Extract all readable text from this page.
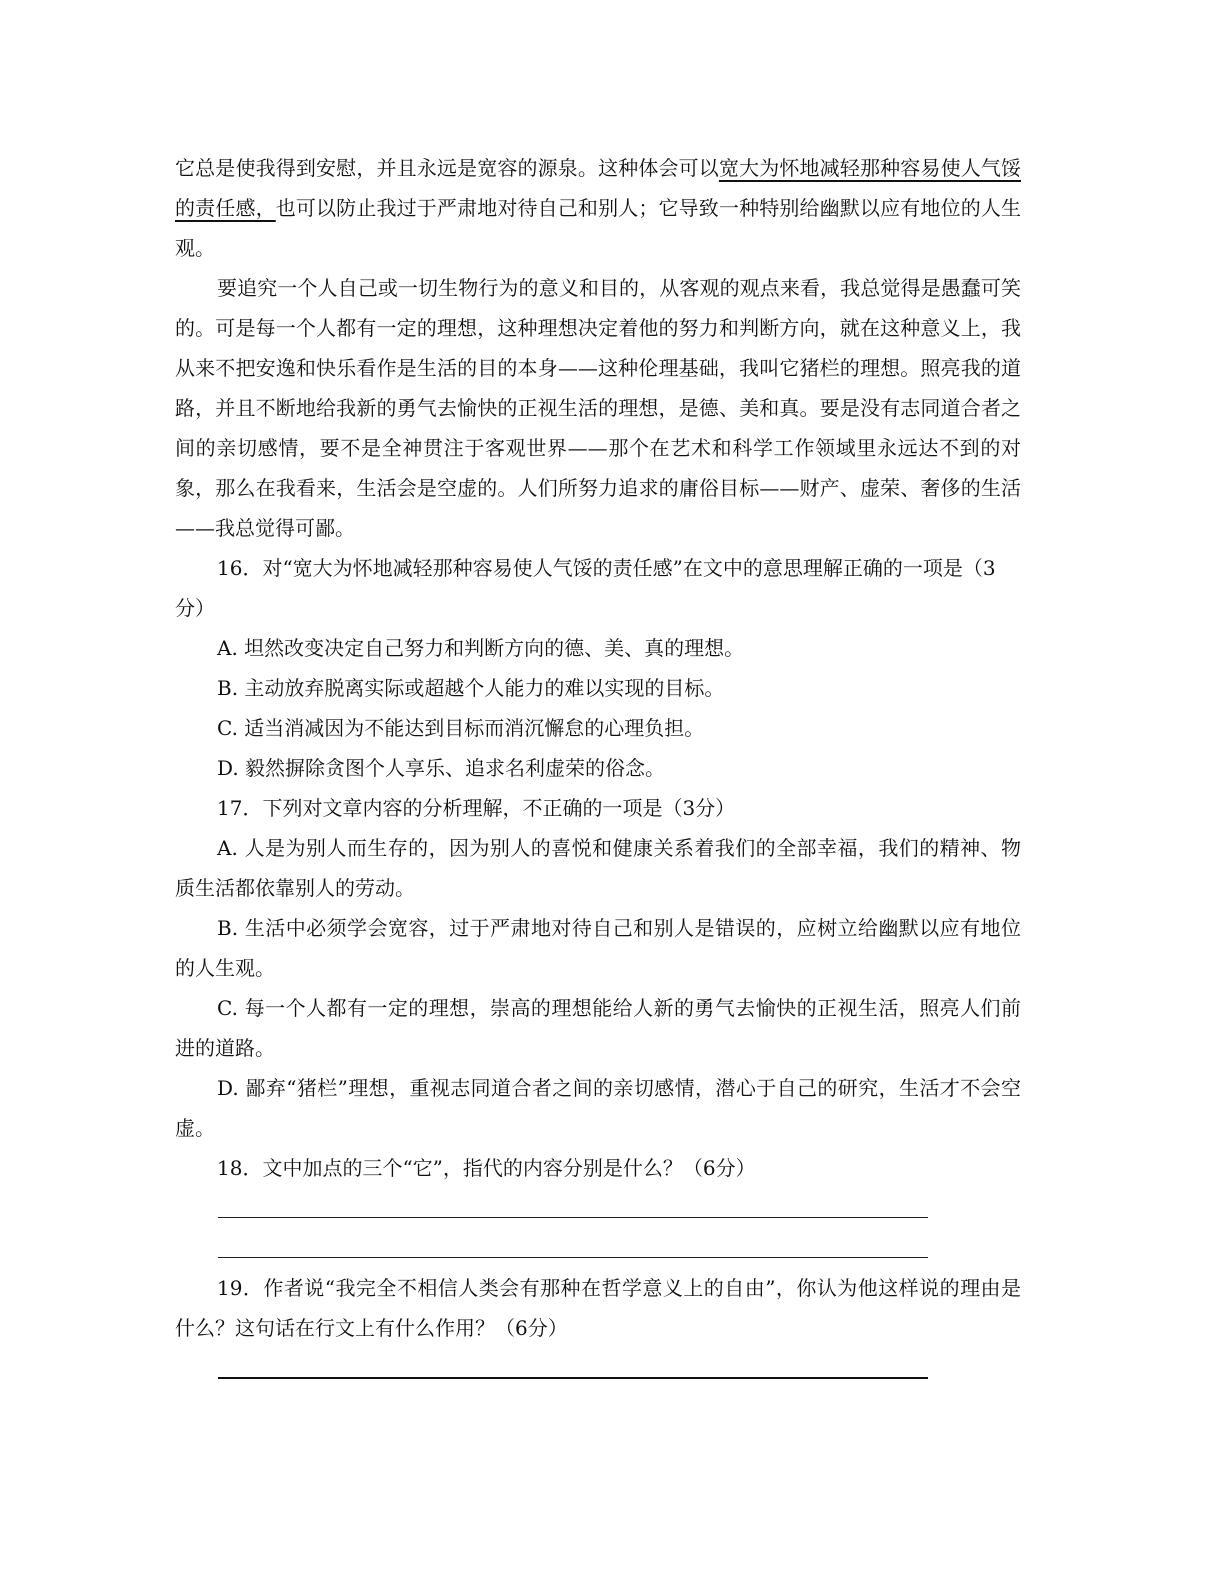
它总是使我得到安慰，并且永远是宽容的源泉。这种体会可以宽大为怀地减轻那种容易使人气馁的责任感，也可以防止我过于严肃地对待自己和别人；它导致一种特别给幽默以应有地位的人生观。

要追究一个人自己或一切生物行为的意义和目的，从客观的观点来看，我总觉得是愚蠢可笑的。可是每一个人都有一定的理想，这种理想决定着他的努力和判断方向，就在这种意义上，我从来不把安逸和快乐看作是生活的目的本身——这种伦理基础，我叫它猪栏的理想。照亮我的道路，并且不断地给我新的勇气去愉快的正视生活的理想，是德、美和真。要是没有志同道合者之间的亲切感情，要不是全神贯注于客观世界——那个在艺术和科学工作领域里永远达不到的对象，那么在我看来，生活会是空虚的。人们所努力追求的庸俗目标——财产、虚荣、奢侈的生活——我总觉得可鄙。

16．对“宽大为怀地减轻那种容易使人气馁的责任感”在文中的意思理解正确的一项是（3分）

A. 坦然改变决定自己努力和判断方向的德、美、真的理想。

B. 主动放弃脱离实际或超越个人能力的难以实现的目标。

C. 适当消减因为不能达到目标而消沉懈怠的心理负担。

D. 毅然摒除贪图个人享乐、追求名利虚荣的俗念。

17．下列对文章内容的分析理解，不正确的一项是（3分）

A. 人是为别人而生存的，因为别人的喜悦和健康关系着我们的全部幸福，我们的精神、物质生活都依靠别人的劳动。

B. 生活中必须学会宽容，过于严肃地对待自己和别人是错误的，应树立给幽默以应有地位的人生观。

C. 每一个人都有一定的理想，崇高的理想能给人新的勇气去愉快的正视生活，照亮人们前进的道路。

D. 鄙弃“猪栏”理想，重视志同道合者之间的亲切感情，潜心于自己的研究，生活才不会空虚。

18．文中加点的三个“它”，指代的内容分别是什么？（6分）

19．作者说“我完全不相信人类会有那种在哲学意义上的自由”，你认为他这样说的理由是什么？这句话在行文上有什么作用？（6分）
